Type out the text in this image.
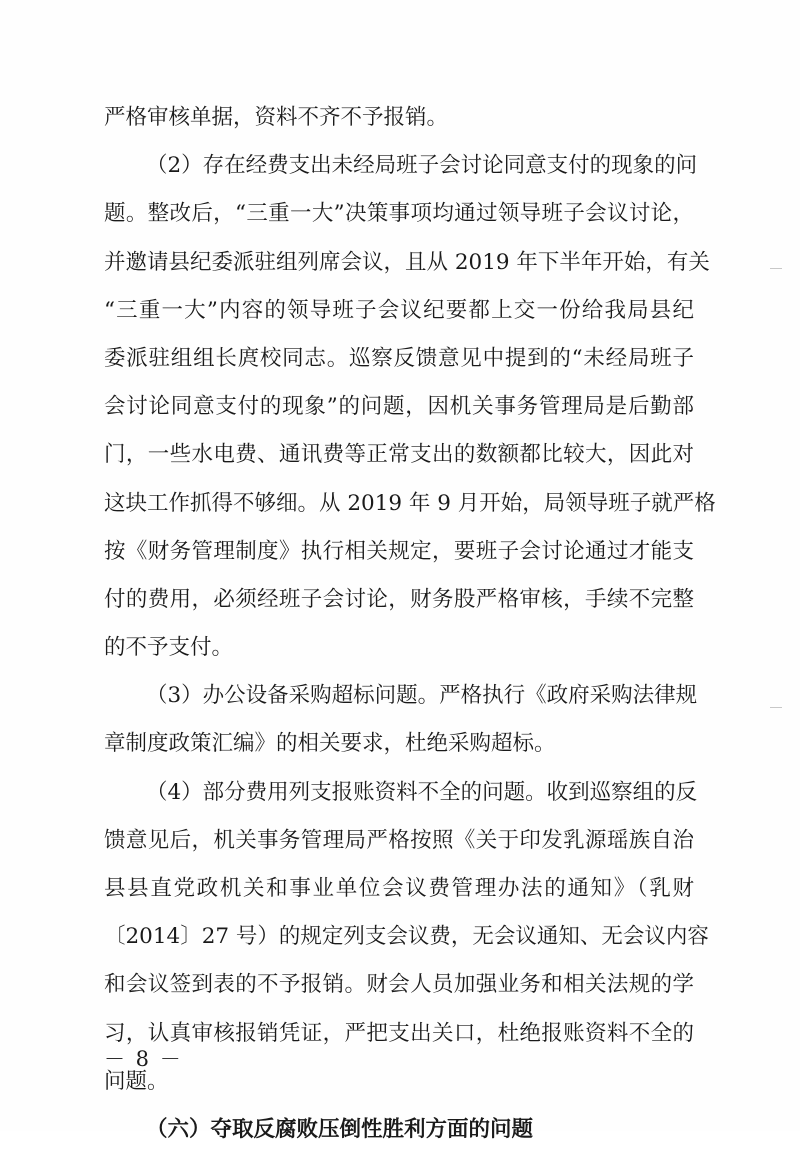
严格审核单据，资料不齐不予报销。
（2）存在经费支出未经局班子会讨论同意支付的现象的问
题。整改后，“三重一大”决策事项均通过领导班子会议讨论，
并邀请县纪委派驻组列席会议，且从 2019 年下半年开始，有关
“三重一大”内容的领导班子会议纪要都上交一份给我局县纪
委派驻组组长庹校同志。巡察反馈意见中提到的“未经局班子
会讨论同意支付的现象”的问题，因机关事务管理局是后勤部
门，一些水电费、通讯费等正常支出的数额都比较大，因此对
这块工作抓得不够细。从 2019 年 9 月开始，局领导班子就严格
按《财务管理制度》执行相关规定，要班子会讨论通过才能支
付的费用，必须经班子会讨论，财务股严格审核，手续不完整
的不予支付。
（3）办公设备采购超标问题。严格执行《政府采购法律规
章制度政策汇编》的相关要求，杜绝采购超标。
（4）部分费用列支报账资料不全的问题。收到巡察组的反
馈意见后，机关事务管理局严格按照《关于印发乳源瑶族自治
县县直党政机关和事业单位会议费管理办法的通知》（乳财
〔2014〕27 号）的规定列支会议费，无会议通知、无会议内容
和会议签到表的不予报销。财会人员加强业务和相关法规的学
习，认真审核报销凭证，严把支出关口，杜绝报账资料不全的
问题。
（六）夺取反腐败压倒性胜利方面的问题
－ 8 －
